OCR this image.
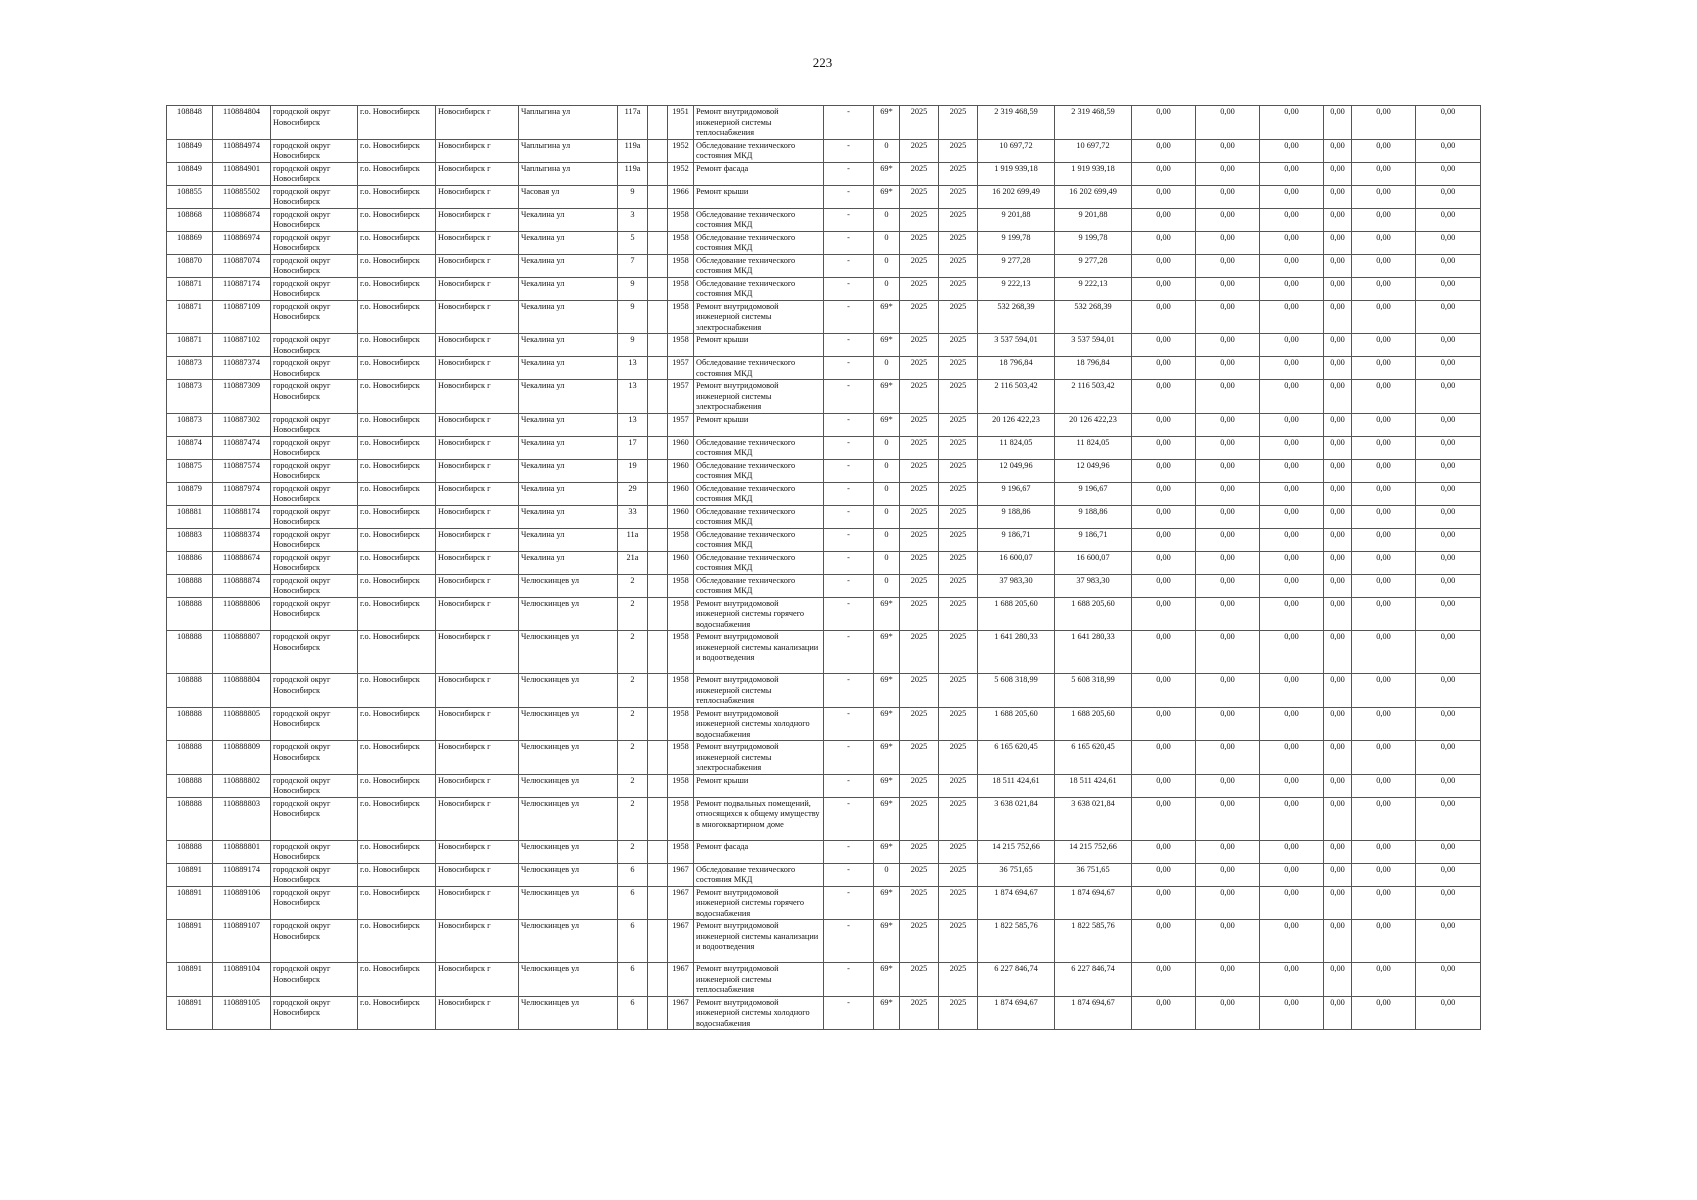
223
108848	110884804	городской округ Новосибирск	г.о. Новосибирск	Новосибирск г	Чаплыгина ул	117а		1951	Ремонт внутридомовой инженерной системы теплоснабжения	-	69*	2025	2025	2 319 468,59	2 319 468,59	0,00	0,00	0,00	0,00	0,00	0,00
108849	110884974	городской округ Новосибирск	г.о. Новосибирск	Новосибирск г	Чаплыгина ул	119а		1952	Обследование технического состояния МКД	-	0	2025	2025	10 697,72	10 697,72	0,00	0,00	0,00	0,00	0,00	0,00
108849	110884901	городской округ Новосибирск	г.о. Новосибирск	Новосибирск г	Чаплыгина ул	119а		1952	Ремонт фасада	-	69*	2025	2025	1 919 939,18	1 919 939,18	0,00	0,00	0,00	0,00	0,00	0,00
108855	110885502	городской округ Новосибирск	г.о. Новосибирск	Новосибирск г	Часовая ул	9		1966	Ремонт крыши	-	69*	2025	2025	16 202 699,49	16 202 699,49	0,00	0,00	0,00	0,00	0,00	0,00
108868	110886874	городской округ Новосибирск	г.о. Новосибирск	Новосибирск г	Чекалина ул	3		1958	Обследование технического состояния МКД	-	0	2025	2025	9 201,88	9 201,88	0,00	0,00	0,00	0,00	0,00	0,00
108869	110886974	городской округ Новосибирск	г.о. Новосибирск	Новосибирск г	Чекалина ул	5		1958	Обследование технического состояния МКД	-	0	2025	2025	9 199,78	9 199,78	0,00	0,00	0,00	0,00	0,00	0,00
108870	110887074	городской округ Новосибирск	г.о. Новосибирск	Новосибирск г	Чекалина ул	7		1958	Обследование технического состояния МКД	-	0	2025	2025	9 277,28	9 277,28	0,00	0,00	0,00	0,00	0,00	0,00
108871	110887174	городской округ Новосибирск	г.о. Новосибирск	Новосибирск г	Чекалина ул	9		1958	Обследование технического состояния МКД	-	0	2025	2025	9 222,13	9 222,13	0,00	0,00	0,00	0,00	0,00	0,00
108871	110887109	городской округ Новосибирск	г.о. Новосибирск	Новосибирск г	Чекалина ул	9		1958	Ремонт внутридомовой инженерной системы электроснабжения	-	69*	2025	2025	532 268,39	532 268,39	0,00	0,00	0,00	0,00	0,00	0,00
108871	110887102	городской округ Новосибирск	г.о. Новосибирск	Новосибирск г	Чекалина ул	9		1958	Ремонт крыши	-	69*	2025	2025	3 537 594,01	3 537 594,01	0,00	0,00	0,00	0,00	0,00	0,00
108873	110887374	городской округ Новосибирск	г.о. Новосибирск	Новосибирск г	Чекалина ул	13		1957	Обследование технического состояния МКД	-	0	2025	2025	18 796,84	18 796,84	0,00	0,00	0,00	0,00	0,00	0,00
108873	110887309	городской округ Новосибирск	г.о. Новосибирск	Новосибирск г	Чекалина ул	13		1957	Ремонт внутридомовой инженерной системы электроснабжения	-	69*	2025	2025	2 116 503,42	2 116 503,42	0,00	0,00	0,00	0,00	0,00	0,00
108873	110887302	городской округ Новосибирск	г.о. Новосибирск	Новосибирск г	Чекалина ул	13		1957	Ремонт крыши	-	69*	2025	2025	20 126 422,23	20 126 422,23	0,00	0,00	0,00	0,00	0,00	0,00
108874	110887474	городской округ Новосибирск	г.о. Новосибирск	Новосибирск г	Чекалина ул	17		1960	Обследование технического состояния МКД	-	0	2025	2025	11 824,05	11 824,05	0,00	0,00	0,00	0,00	0,00	0,00
108875	110887574	городской округ Новосибирск	г.о. Новосибирск	Новосибирск г	Чекалина ул	19		1960	Обследование технического состояния МКД	-	0	2025	2025	12 049,96	12 049,96	0,00	0,00	0,00	0,00	0,00	0,00
108879	110887974	городской округ Новосибирск	г.о. Новосибирск	Новосибирск г	Чекалина ул	29		1960	Обследование технического состояния МКД	-	0	2025	2025	9 196,67	9 196,67	0,00	0,00	0,00	0,00	0,00	0,00
108881	110888174	городской округ Новосибирск	г.о. Новосибирск	Новосибирск г	Чекалина ул	33		1960	Обследование технического состояния МКД	-	0	2025	2025	9 188,86	9 188,86	0,00	0,00	0,00	0,00	0,00	0,00
108883	110888374	городской округ Новосибирск	г.о. Новосибирск	Новосибирск г	Чекалина ул	11а		1958	Обследование технического состояния МКД	-	0	2025	2025	9 186,71	9 186,71	0,00	0,00	0,00	0,00	0,00	0,00
108886	110888674	городской округ Новосибирск	г.о. Новосибирск	Новосибирск г	Чекалина ул	21а		1960	Обследование технического состояния МКД	-	0	2025	2025	16 600,07	16 600,07	0,00	0,00	0,00	0,00	0,00	0,00
108888	110888874	городской округ Новосибирск	г.о. Новосибирск	Новосибирск г	Челюскинцев ул	2		1958	Обследование технического состояния МКД	-	0	2025	2025	37 983,30	37 983,30	0,00	0,00	0,00	0,00	0,00	0,00
108888	110888806	городской округ Новосибирск	г.о. Новосибирск	Новосибирск г	Челюскинцев ул	2		1958	Ремонт внутридомовой инженерной системы горячего водоснабжения	-	69*	2025	2025	1 688 205,60	1 688 205,60	0,00	0,00	0,00	0,00	0,00	0,00
108888	110888807	городской округ Новосибирск	г.о. Новосибирск	Новосибирск г	Челюскинцев ул	2		1958	Ремонт внутридомовой инженерной системы канализации и водоотведения	-	69*	2025	2025	1 641 280,33	1 641 280,33	0,00	0,00	0,00	0,00	0,00	0,00
108888	110888804	городской округ Новосибирск	г.о. Новосибирск	Новосибирск г	Челюскинцев ул	2		1958	Ремонт внутридомовой инженерной системы теплоснабжения	-	69*	2025	2025	5 608 318,99	5 608 318,99	0,00	0,00	0,00	0,00	0,00	0,00
108888	110888805	городской округ Новосибирск	г.о. Новосибирск	Новосибирск г	Челюскинцев ул	2		1958	Ремонт внутридомовой инженерной системы холодного водоснабжения	-	69*	2025	2025	1 688 205,60	1 688 205,60	0,00	0,00	0,00	0,00	0,00	0,00
108888	110888809	городской округ Новосибирск	г.о. Новосибирск	Новосибирск г	Челюскинцев ул	2		1958	Ремонт внутридомовой инженерной системы электроснабжения	-	69*	2025	2025	6 165 620,45	6 165 620,45	0,00	0,00	0,00	0,00	0,00	0,00
108888	110888802	городской округ Новосибирск	г.о. Новосибирск	Новосибирск г	Челюскинцев ул	2		1958	Ремонт крыши	-	69*	2025	2025	18 511 424,61	18 511 424,61	0,00	0,00	0,00	0,00	0,00	0,00
108888	110888803	городской округ Новосибирск	г.о. Новосибирск	Новосибирск г	Челюскинцев ул	2		1958	Ремонт подвальных помещений, относящихся к общему имуществу в многоквартирном доме	-	69*	2025	2025	3 638 021,84	3 638 021,84	0,00	0,00	0,00	0,00	0,00	0,00
108888	110888801	городской округ Новосибирск	г.о. Новосибирск	Новосибирск г	Челюскинцев ул	2		1958	Ремонт фасада	-	69*	2025	2025	14 215 752,66	14 215 752,66	0,00	0,00	0,00	0,00	0,00	0,00
108891	110889174	городской округ Новосибирск	г.о. Новосибирск	Новосибирск г	Челюскинцев ул	6		1967	Обследование технического состояния МКД	-	0	2025	2025	36 751,65	36 751,65	0,00	0,00	0,00	0,00	0,00	0,00
108891	110889106	городской округ Новосибирск	г.о. Новосибирск	Новосибирск г	Челюскинцев ул	6		1967	Ремонт внутридомовой инженерной системы горячего водоснабжения	-	69*	2025	2025	1 874 694,67	1 874 694,67	0,00	0,00	0,00	0,00	0,00	0,00
108891	110889107	городской округ Новосибирск	г.о. Новосибирск	Новосибирск г	Челюскинцев ул	6		1967	Ремонт внутридомовой инженерной системы канализации и водоотведения	-	69*	2025	2025	1 822 585,76	1 822 585,76	0,00	0,00	0,00	0,00	0,00	0,00
108891	110889104	городской округ Новосибирск	г.о. Новосибирск	Новосибирск г	Челюскинцев ул	6		1967	Ремонт внутридомовой инженерной системы теплоснабжения	-	69*	2025	2025	6 227 846,74	6 227 846,74	0,00	0,00	0,00	0,00	0,00	0,00
108891	110889105	городской округ Новосибирск	г.о. Новосибирск	Новосибирск г	Челюскинцев ул	6		1967	Ремонт внутридомовой инженерной системы холодного водоснабжения	-	69*	2025	2025	1 874 694,67	1 874 694,67	0,00	0,00	0,00	0,00	0,00	0,00
